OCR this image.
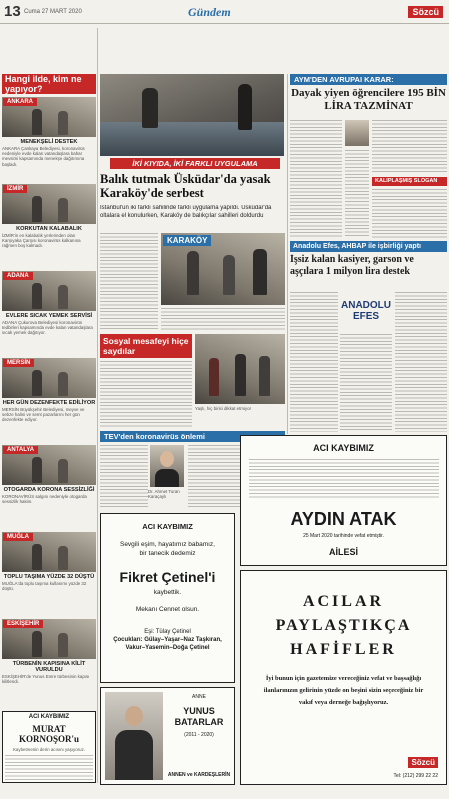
13 Cuma 27 MART 2020	Gündem	Sözcü
Hangi ilde, kim ne yapıyor?
ANKARA
MENEKŞELİ DESTEK
ANKARA Çankaya Belediyesi, koronavirüs nedeniyle evde kalan vatandaşlara bahar mevsimi kapsamında menekşe dağıtımına başladı.
İZMİR
KORKUTAN KALABALIK
İZMİR'in en kalabalık yerlerinden olan Karşıyaka Çarşısı koronavirüs kalkanına rağmen boş kalmadı.
ADANA
EVLERE SICAK YEMEK SERVİSİ
ADANA Çukurova Belediyesi koronavirüs tedbirleri kapsamında evde kalan vatandaşlara sıcak yemek dağıtıyor.
MERSİN
HER GÜN DEZENFEKTE EDİLİYOR
MERSİN Büyükşehir Belediyesi, meyve ve sebze halini ve semt pazarlarını her gün dezenfekte ediyor.
ANTALYA
OTOGARDA KORONA SESSİZLİĞİ
KORONAVİRÜS salgını nedeniyle otogarda sessizlik hakim.
MUĞLA
TOPLU TAŞIMA YÜZDE 32 DÜŞTÜ
MUĞLA'da toplu taşıma kullanımı yüzde 32 düştü.
ESKİŞEHİR
TÜRBENİN KAPISINA KİLİT VURULDU
ESKİŞEHİR'de Yunus Emre türbesinin kapısı kilitlendi.
ACI KAYBIMIZ
MURAT KORNOŞOR'u
Kaybetmenin derin acısını yaşıyoruz.
İKİ KIYIDA, İKİ FARKLI UYGULAMA
Balık tutmak Üsküdar'da yasak Karaköy'de serbest
İstanbul'un iki farklı sahilinde farklı uygulama yapıldı. Üsküdar'da oltalara el konulurken, Karaköy de balıkçılar sahilleri doldurdu
KARAKÖY
Sosyal mesafeyi hiçe saydılar
Yaşlı, hiç birisi dikkat etmiyor
TEV'den koronavirüs önlemi
Dr. Ahmet Turan Karaçaylı
ACI KAYBIMIZ
Sevgili eşim, hayatımız babamız,
bir tanecik dedemiz
Fikret Çetinel'i
kaybettik.
Mekanı Cennet olsun.
Eşi: Tülay Çetinel
Çocukları: Gülay–Yaşar–Naz Taşkıran,
Vakur–Yasemin–Doğa Çetinel
ANNE
YUNUS BATARLAR
(2011 - 2020)
ANNEN ve KARDEŞLERİN
AYM'DEN AVRUPAI KARAR:
Dayak yiyen öğrencilere 195 BİN LİRA TAZMİNAT
KALIPLAŞMIŞ SLOGAN
Anadolu Efes, AHBAP ile işbirliği yaptı
İşsiz kalan kasiyer, garson ve aşçılara 1 milyon lira destek
ANADOLU EFES
ACI KAYBIMIZ
AYDIN ATAK
25 Mart 2020 tarihinde vefat etmiştir.
AİLESİ
ACILAR
PAYLAŞTIKÇA
HAFİFLER
İyi bunun için gazetemize vereceğiniz vefat ve başsağlığı ilanlarınızın gelirinin yüzde on beşini sizin seçeceğiniz bir vakıf veya derneğe bağışlıyoruz.
Sözcü
Tel: (212) 299 22 22
